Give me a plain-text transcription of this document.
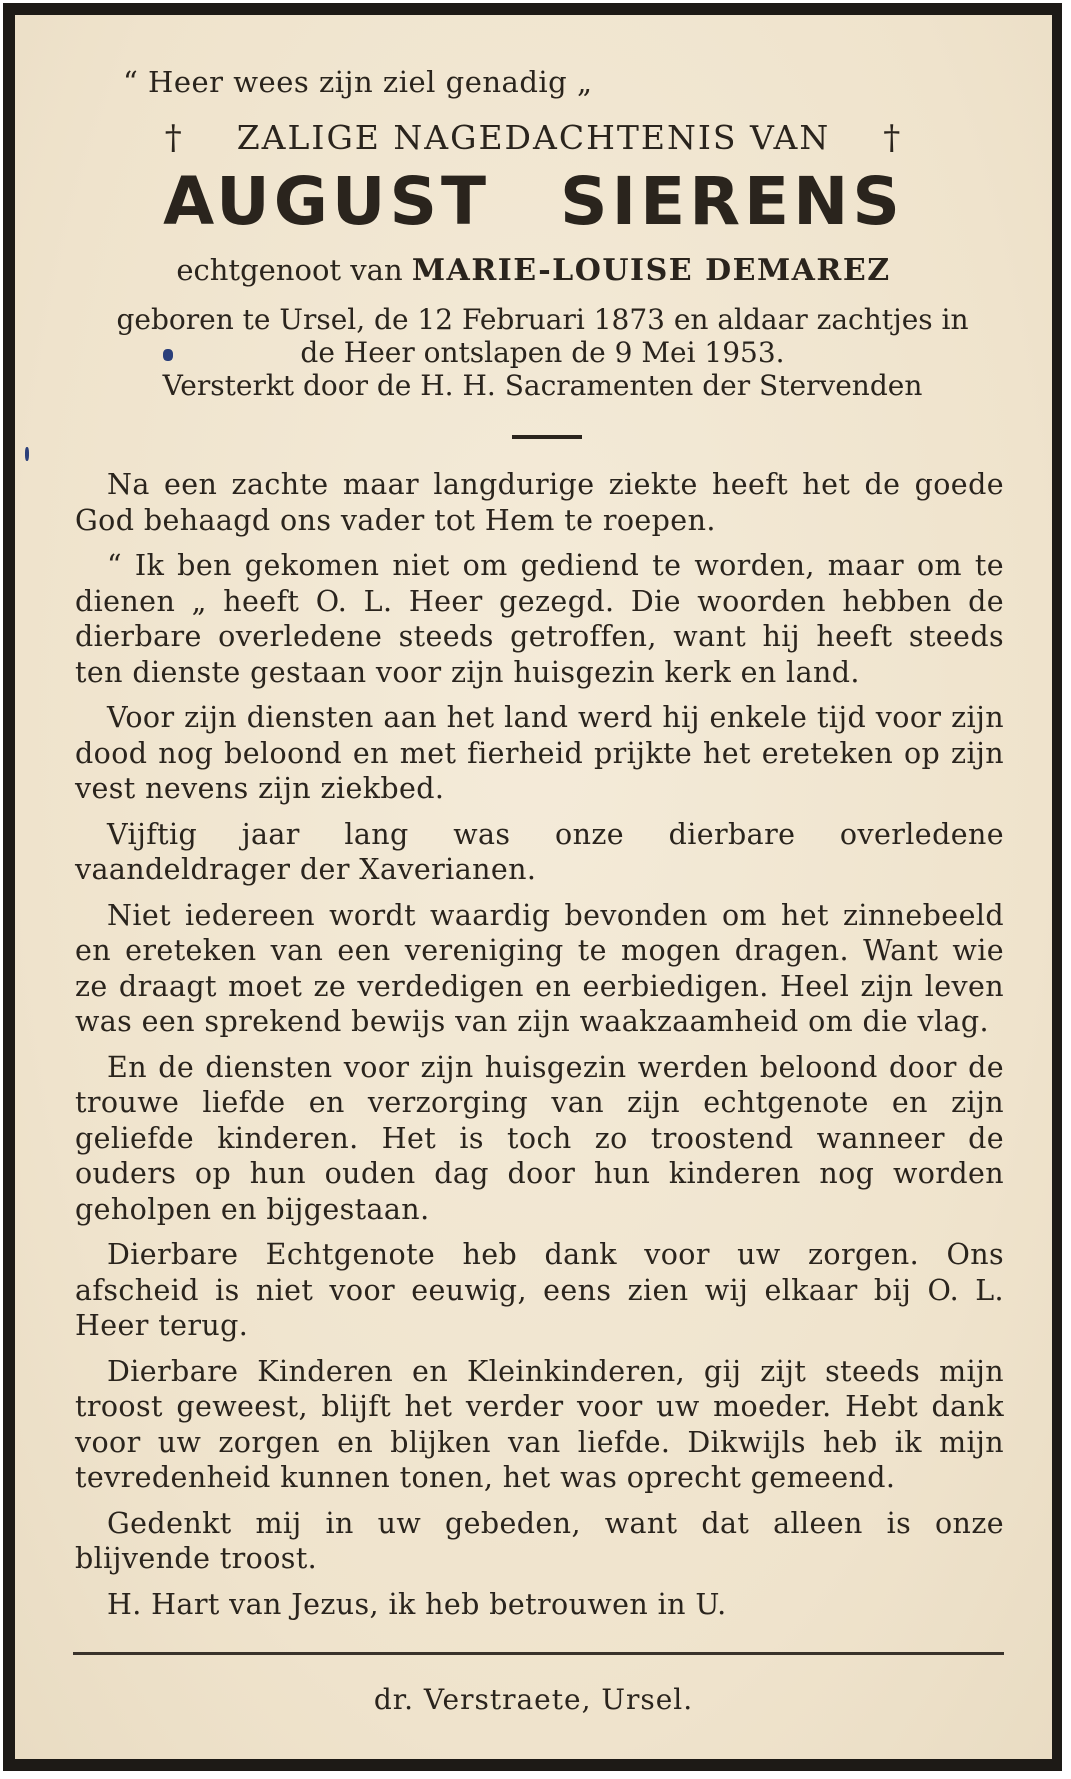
“ Heer wees zijn ziel genadig „
† ZALIGE NAGEDACHTENIS VAN †
AUGUST SIERENS
echtgenoot van MARIE-LOUISE DEMAREZ
geboren te Ursel, de 12 Februari 1873 en aldaar zachtjes in
de Heer ontslapen de 9 Mei 1953.
Versterkt door de H. H. Sacramenten der Stervenden

Na een zachte maar langdurige ziekte heeft het de goede God behaagd ons vader tot Hem te roepen.

“ Ik ben gekomen niet om gediend te worden, maar om te dienen „ heeft O. L. Heer gezegd. Die woorden hebben de dierbare overledene steeds getroffen, want hij heeft steeds ten dienste gestaan voor zijn huisgezin kerk en land.

Voor zijn diensten aan het land werd hij enkele tijd voor zijn dood nog beloond en met fierheid prijkte het ereteken op zijn vest nevens zijn ziekbed.

Vijftig jaar lang was onze dierbare overledene vaandeldrager der Xaverianen.

Niet iedereen wordt waardig bevonden om het zinnebeeld en ereteken van een vereniging te mogen dragen. Want wie ze draagt moet ze verdedigen en eerbiedigen. Heel zijn leven was een sprekend bewijs van zijn waakzaamheid om die vlag.

En de diensten voor zijn huisgezin werden beloond door de trouwe liefde en verzorging van zijn echtgenote en zijn geliefde kinderen. Het is toch zo troostend wanneer de ouders op hun ouden dag door hun kinderen nog worden geholpen en bijgestaan.

Dierbare Echtgenote heb dank voor uw zorgen. Ons afscheid is niet voor eeuwig, eens zien wij elkaar bij O. L. Heer terug.

Dierbare Kinderen en Kleinkinderen, gij zijt steeds mijn troost geweest, blijft het verder voor uw moeder. Hebt dank voor uw zorgen en blijken van liefde. Dikwijls heb ik mijn tevredenheid kunnen tonen, het was oprecht gemeend.

Gedenkt mij in uw gebeden, want dat alleen is onze blijvende troost.

H. Hart van Jezus, ik heb betrouwen in U.

dr. Verstraete, Ursel.
